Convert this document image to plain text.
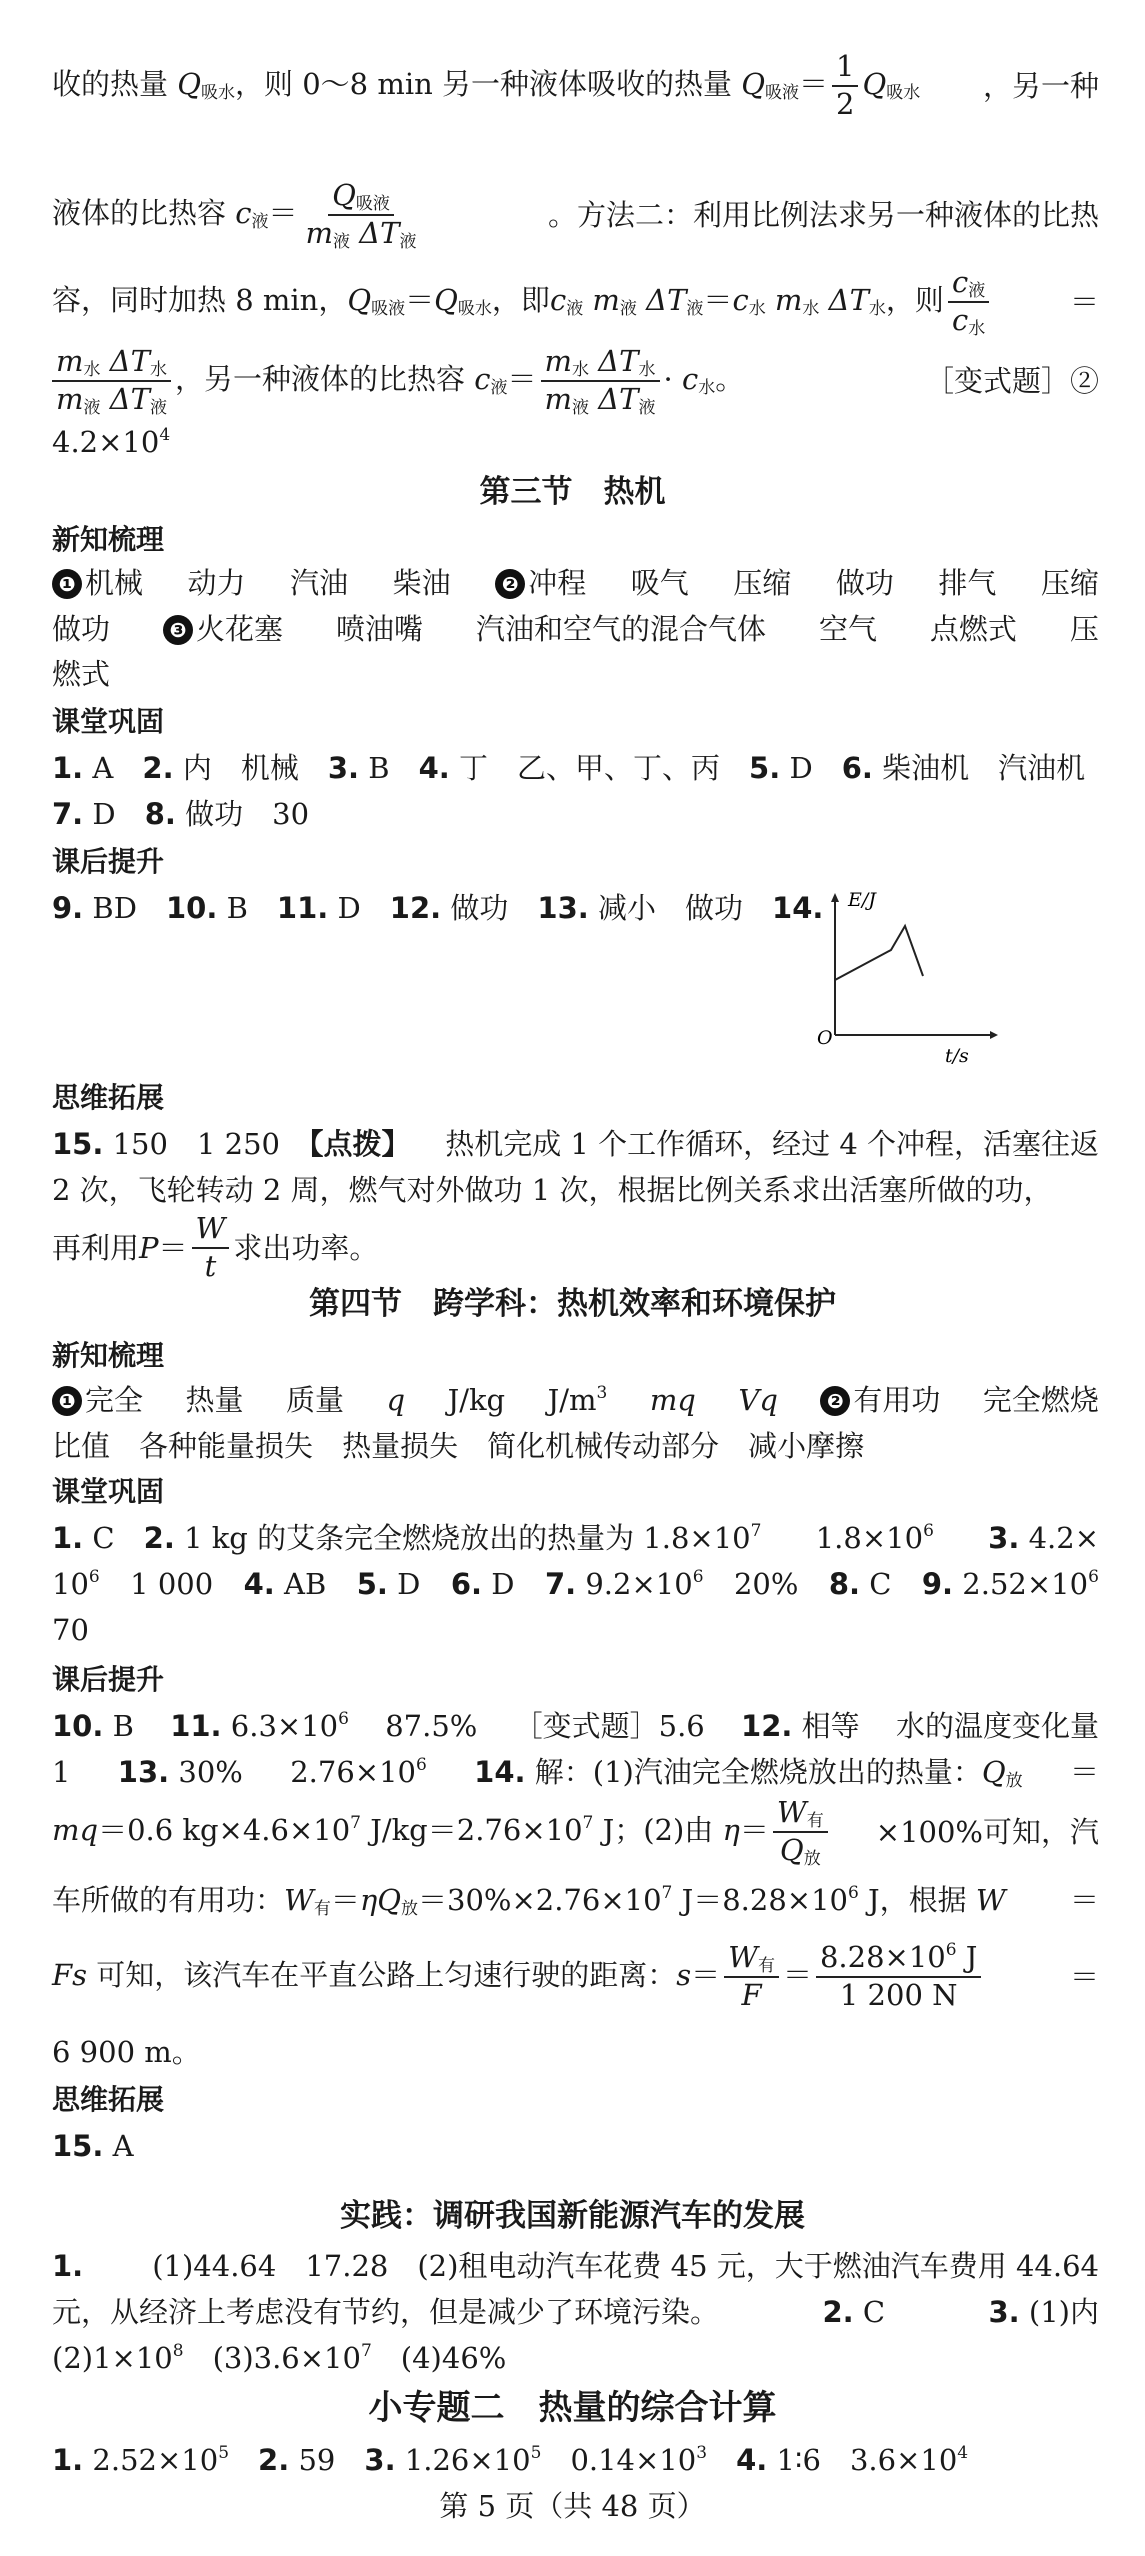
收的热量 $Q_{吸水}$，则 0～8 min 另一种液体吸收的热量 $Q_{吸液}= \frac{1}{2} Q_{吸水}$ ，另一种
液体的比热容 $c_液= \frac{Q_{吸液}}{m_液 \Delta T_液}$	。方法二：利用比例法求另一种液体的比热
容，同时加热 8 min，$Q_{吸液}=Q_{吸水}$，即$c_液$ $m_液$ $\Delta T_液=c_水$ $m_水$ $\Delta T_水$，则 $\frac{c_液}{c_水}$	＝
$\frac{m_水 \Delta T_水}{m_液 \Delta T_液}$ ，另一种液体的比热容 $c_液= \frac{m_水 \Delta T_水}{m_液 \Delta T_液} \cdot c_水$。	［变式题］②
$4.2\times 10^4$
第三节　热机
新知梳理
❶ 机械 动力 汽油 柴油	❷ 冲程 吸气 压缩 做功 排气 压缩
做功	❸ 火花塞 喷油嘴 汽油和空气的混合气体 空气 点燃式 压
燃式
课堂巩固
1. A　 2. 内　机械　 3. B　 4. 丁　乙、甲、丁、丙　 5. D　 6. 柴油机　汽油机
7. D　 8. 做功　30
课后提升
9. BD　 10. B　 11. D　 12. 做功　 13. 减小　做功　 14.	E/J
t/s
O
思维拓展
15. 150　1 250　【点拨】 热机完成 1 个工作循环，经过 4 个冲程，活塞往返
2 次，飞轮转动 2 周，燃气对外做功 1 次，根据比例关系求出活塞所做的功，
再利用 $P = \frac{W}{t}$ 求出功率。
第四节　跨学科：热机效率和环境保护
新知梳理
❶ 完全 热量 质量 q J/kg $J/m^3$ mq Vq	❷ 有用功 完全燃烧
比值　 各种能量损失　 热量损失　 简化机械传动部分　 减小摩擦
课堂巩固
1. C　 2. 1 kg 的艾条完全燃烧放出的热量为 $1.8\times 10^7$ $1.8\times 10^6$ 3. 4.2×
$10^6$ 1 000 4. AB 5. D 6. D 7. $9.2\times 10^6$ 20% 8. C 9. $2.52\times 10^6$
70
课后提升
10. B 11. $6.3\times 10^6$ 87.5% ［变式题］5.6 12. 相等 水的温度变化量
1 13. 30% $2.76\times 10^6$ 14. 解：(1)汽油完全燃烧放出的热量：$Q_放$ ＝
mq＝0.6 $kg\times 4.6\times 10^7$ $J/kg=2.76\times 10^7$ J；(2)由 $\eta= \frac{W_有}{Q_放} \times 100\%$可知，汽
车所做的有用功：$W_有=\eta Q_放=30\%\times 2.76\times 10^7$ $J=8.28\times 10^6$ J，根据 W ＝
Fs 可知，该汽车在平直公路上匀速行驶的距离：$s= \frac{W_有}{F} = \frac{8.28\times 10^6 J}{1 200 N}$	＝
6 900 m。
思维拓展
15. A
实践：调研我国新能源汽车的发展
1. (1)44.64　17.28　(2)租电动汽车花费 45 元，大于燃油汽车费用 44.64
元，从经济上考虑没有节约，但是减少了环境污染。	2. C	3. (1)内
$(2)1\times 10^8$　$(3)3.6\times 10^7$　(4)46%
小专题二　热量的综合计算
1. $2.52\times 10^5$　 2. 59　 3. $1.26\times 10^5$　 $0.14\times 10^3$　 4. 1∶6　 $3.6\times 10^4$
第 5 页（共 48 页）
